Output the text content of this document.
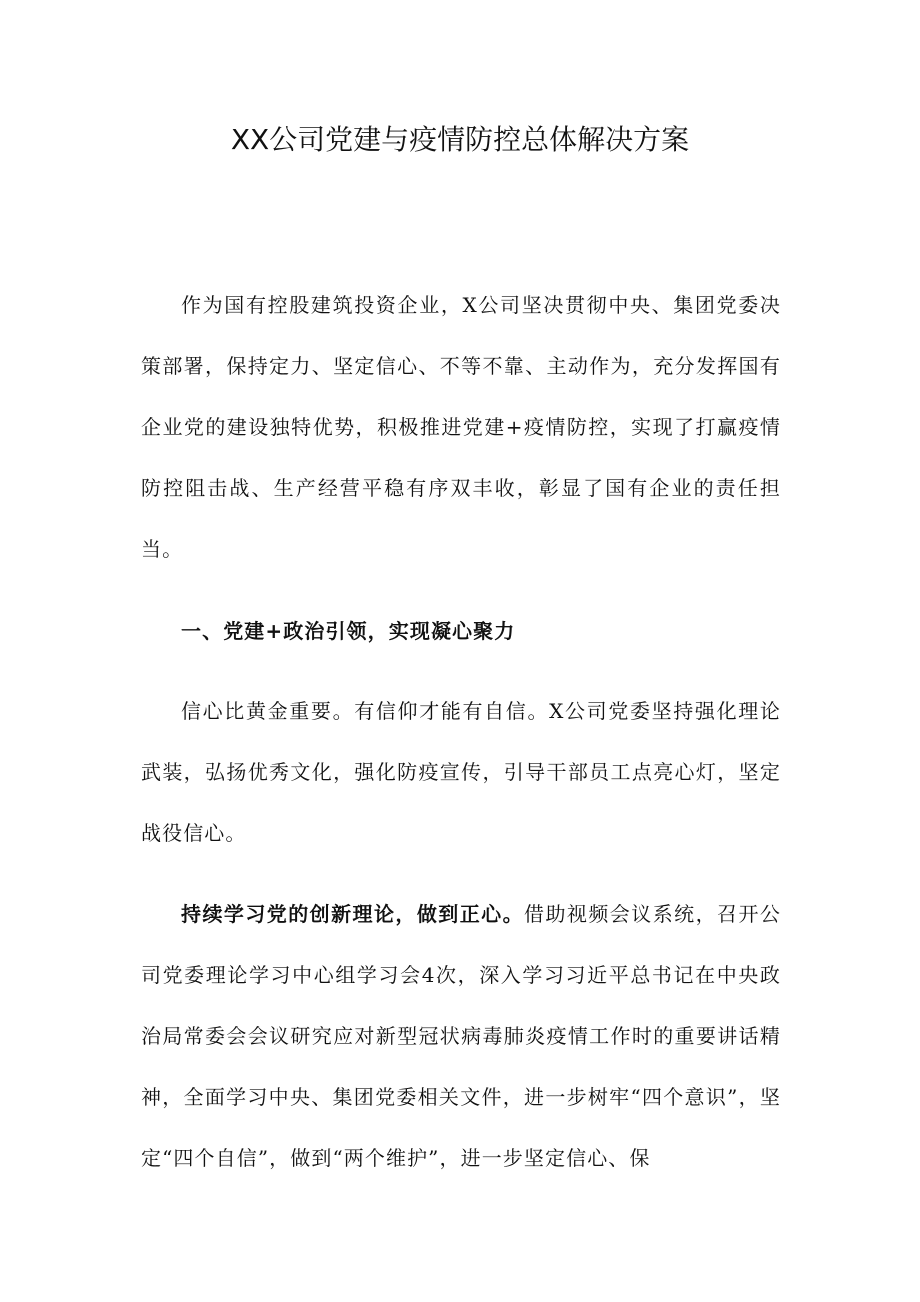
XX公司党建与疫情防控总体解决方案

作为国有控股建筑投资企业，X公司坚决贯彻中央、集团党委决策部署，保持定力、坚定信心、不等不靠、主动作为，充分发挥国有企业党的建设独特优势，积极推进党建+疫情防控，实现了打赢疫情防控阻击战、生产经营平稳有序双丰收，彰显了国有企业的责任担当。

一、党建+政治引领，实现凝心聚力

信心比黄金重要。有信仰才能有自信。X公司党委坚持强化理论武装，弘扬优秀文化，强化防疫宣传，引导干部员工点亮心灯，坚定战役信心。

持续学习党的创新理论，做到正心。借助视频会议系统，召开公司党委理论学习中心组学习会4次，深入学习习近平总书记在中央政治局常委会会议研究应对新型冠状病毒肺炎疫情工作时的重要讲话精神，全面学习中央、集团党委相关文件，进一步树牢“四个意识”，坚定“四个自信”，做到“两个维护”，进一步坚定信心、保
